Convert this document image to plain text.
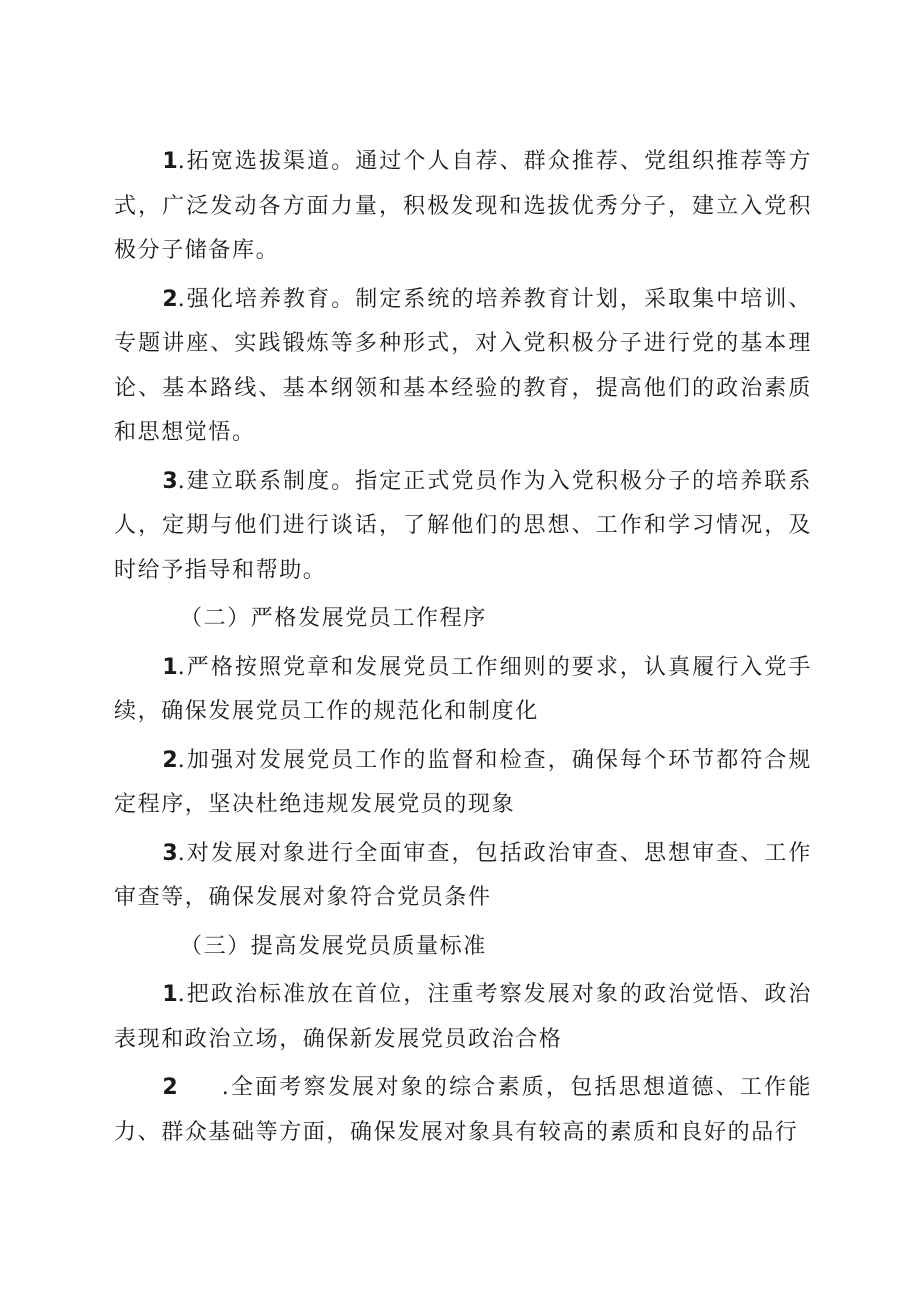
1.拓宽选拔渠道。通过个人自荐、群众推荐、党组织推荐等方式，广泛发动各方面力量，积极发现和选拔优秀分子，建立入党积极分子储备库。

2.强化培养教育。制定系统的培养教育计划，采取集中培训、专题讲座、实践锻炼等多种形式，对入党积极分子进行党的基本理论、基本路线、基本纲领和基本经验的教育，提高他们的政治素质和思想觉悟。

3.建立联系制度。指定正式党员作为入党积极分子的培养联系人，定期与他们进行谈话，了解他们的思想、工作和学习情况，及时给予指导和帮助。

（二）严格发展党员工作程序

1.严格按照党章和发展党员工作细则的要求，认真履行入党手续，确保发展党员工作的规范化和制度化

2.加强对发展党员工作的监督和检查，确保每个环节都符合规定程序，坚决杜绝违规发展党员的现象

3.对发展对象进行全面审查，包括政治审查、思想审查、工作审查等，确保发展对象符合党员条件

（三）提高发展党员质量标准

1.把政治标准放在首位，注重考察发展对象的政治觉悟、政治表现和政治立场，确保新发展党员政治合格

2 .全面考察发展对象的综合素质，包括思想道德、工作能力、群众基础等方面，确保发展对象具有较高的素质和良好的品行
